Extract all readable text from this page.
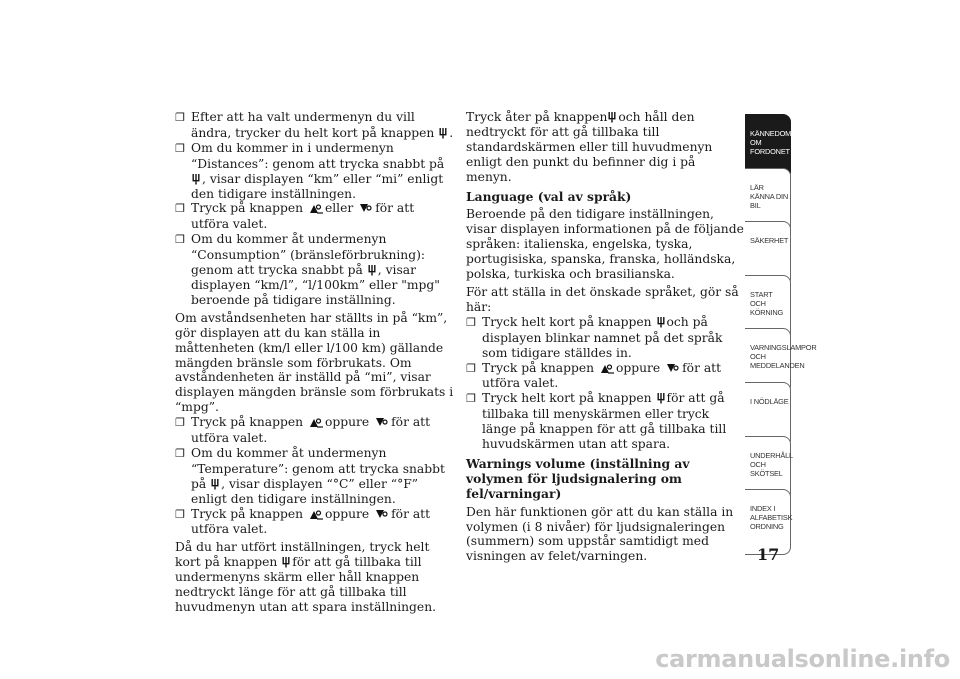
❐ Efter att ha valt undermenyn du vill ändra, trycker du helt kort på knappen .

❐ Om du kommer in i undermenyn “Distances”: genom att trycka snabbt på , visar displayen “km” eller “mi” enligt den tidigare inställningen.

❐ Tryck på knappen eller för att utföra valet.

❐ Om du kommer åt undermenyn “Consumption” (bränsleförbrukning): genom att trycka snabbt på , visar displayen “km/l”, “l/100km” eller "mpg" beroende på tidigare inställning.

Om avståndsenheten har ställts in på “km”, gör displayen att du kan ställa in måttenheten (km/l eller l/100 km) gällande mängden bränsle som förbrukats. Om avståndenheten är inställd på “mi”, visar displayen mängden bränsle som förbrukats i “mpg”.

❐ Tryck på knappen oppure för att utföra valet.

❐ Om du kommer åt undermenyn “Temperature”: genom att trycka snabbt på , visar displayen “°C” eller “°F” enligt den tidigare inställningen.

❐ Tryck på knappen oppure för att utföra valet.

Då du har utfört inställningen, tryck helt kort på knappen för att gå tillbaka till undermenyns skärm eller håll knappen nedtryckt länge för att gå tillbaka till huvudmenyn utan att spara inställningen.

Tryck åter på knappen och håll den nedtryckt för att gå tillbaka till standardskärmen eller till huvudmenyn enligt den punkt du befinner dig i på menyn.

Language (val av språk)

Beroende på den tidigare inställningen, visar displayen informationen på de följande språken: italienska, engelska, tyska, portugisiska, spanska, franska, holländska, polska, turkiska och brasilianska.

För att ställa in det önskade språket, gör så här:

❐ Tryck helt kort på knappen och på displayen blinkar namnet på det språk som tidigare ställdes in.

❐ Tryck på knappen oppure för att utföra valet.

❐ Tryck helt kort på knappen för att gå tillbaka till menyskärmen eller tryck länge på knappen för att gå tillbaka till huvudskärmen utan att spara.

Warnings volume (inställning av volymen för ljudsignalering om fel/varningar)

Den här funktionen gör att du kan ställa in volymen (i 8 nivåer) för ljudsignaleringen (summern) som uppstår samtidigt med visningen av felet/varningen.

KÄNNEDOM OM FORDONET
LÄR KÄNNA DIN BIL
SÄKERHET
START OCH KÖRNING
VARNINGSLAMPOR OCH MEDDELANDEN
I NÖDLÄGE
UNDERHÅLL OCH SKÖTSEL
INDEX I ALFABETISK ORDNING
17
carmanualsonline.info
